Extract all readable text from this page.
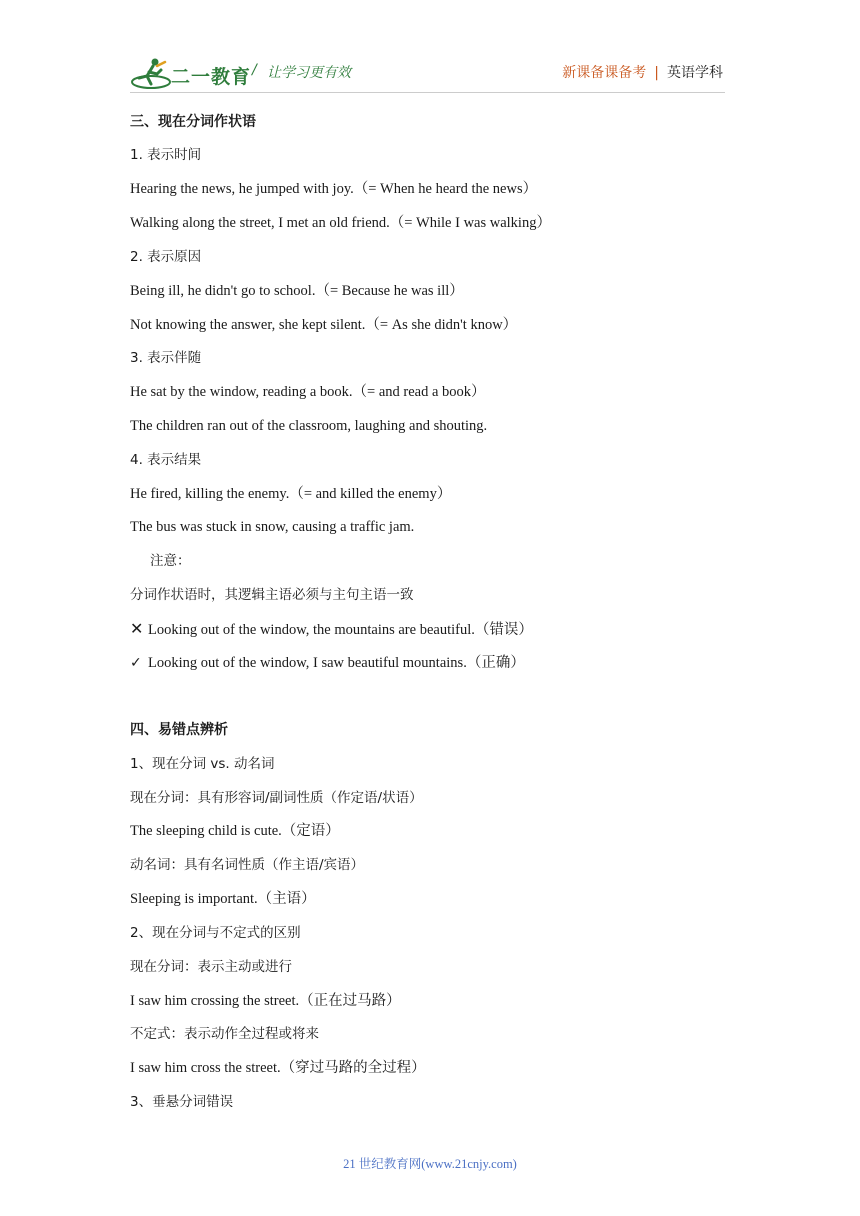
二一教育 / 让学习更有效	新课备课备考 | 英语学科
三、现在分词作状语
1. 表示时间
Hearing the news, he jumped with joy.（= When he heard the news）
Walking along the street, I met an old friend.（= While I was walking）
2. 表示原因
Being ill, he didn't go to school.（= Because he was ill）
Not knowing the answer, she kept silent.（= As she didn't know）
3. 表示伴随
He sat by the window, reading a book.（= and read a book）
The children ran out of the classroom, laughing and shouting.
4. 表示结果
He fired, killing the enemy.（= and killed the enemy）
The bus was stuck in snow, causing a traffic jam.
注意：
分词作状语时，其逻辑主语必须与主句主语一致
✕ Looking out of the window, the mountains are beautiful.（错误）
✓ Looking out of the window, I saw beautiful mountains.（正确）
四、易错点辨析
1、现在分词 vs. 动名词
现在分词：具有形容词/副词性质（作定语/状语）
The sleeping child is cute.（定语）
动名词：具有名词性质（作主语/宾语）
Sleeping is important.（主语）
2、现在分词与不定式的区别
现在分词：表示主动或进行
I saw him crossing the street.（正在过马路）
不定式：表示动作全过程或将来
I saw him cross the street.（穿过马路的全过程）
3、垂悬分词错误
21 世纪教育网(www.21cnjy.com)
